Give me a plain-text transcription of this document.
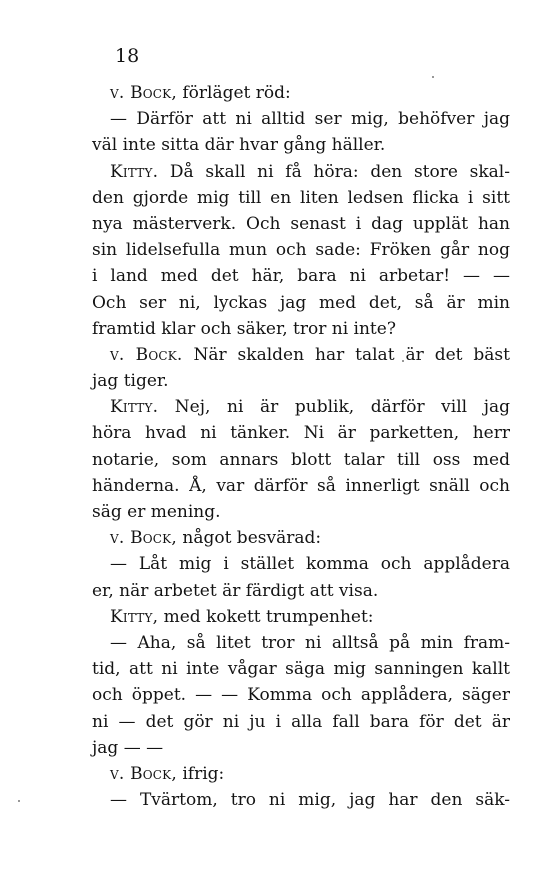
18
v. Bock, förläget röd:
— Därför att ni alltid ser mig, behöfver jag
väl inte sitta där hvar gång häller.
Kitty. Då skall ni få höra: den store skal-
den gjorde mig till en liten ledsen flicka i sitt
nya mästerverk. Och senast i dag upplät han
sin lidelsefulla mun och sade: Fröken går nog
i land med det här, bara ni arbetar! — —
Och ser ni, lyckas jag med det, så är min
framtid klar och säker, tror ni inte?
v. Bock. När skalden har talat är det bäst
jag tiger.
Kitty. Nej, ni är publik, därför vill jag
höra hvad ni tänker. Ni är parketten, herr
notarie, som annars blott talar till oss med
händerna. Å, var därför så innerligt snäll och
säg er mening.
v. Bock, något besvärad:
— Låt mig i stället komma och applådera
er, när arbetet är färdigt att visa.
Kitty, med kokett trumpenhet:
— Aha, så litet tror ni alltså på min fram-
tid, att ni inte vågar säga mig sanningen kallt
och öppet. — — Komma och applådera, säger
ni — det gör ni ju i alla fall bara för det är
jag — —
v. Bock, ifrig:
— Tvärtom, tro ni mig, jag har den säk-
